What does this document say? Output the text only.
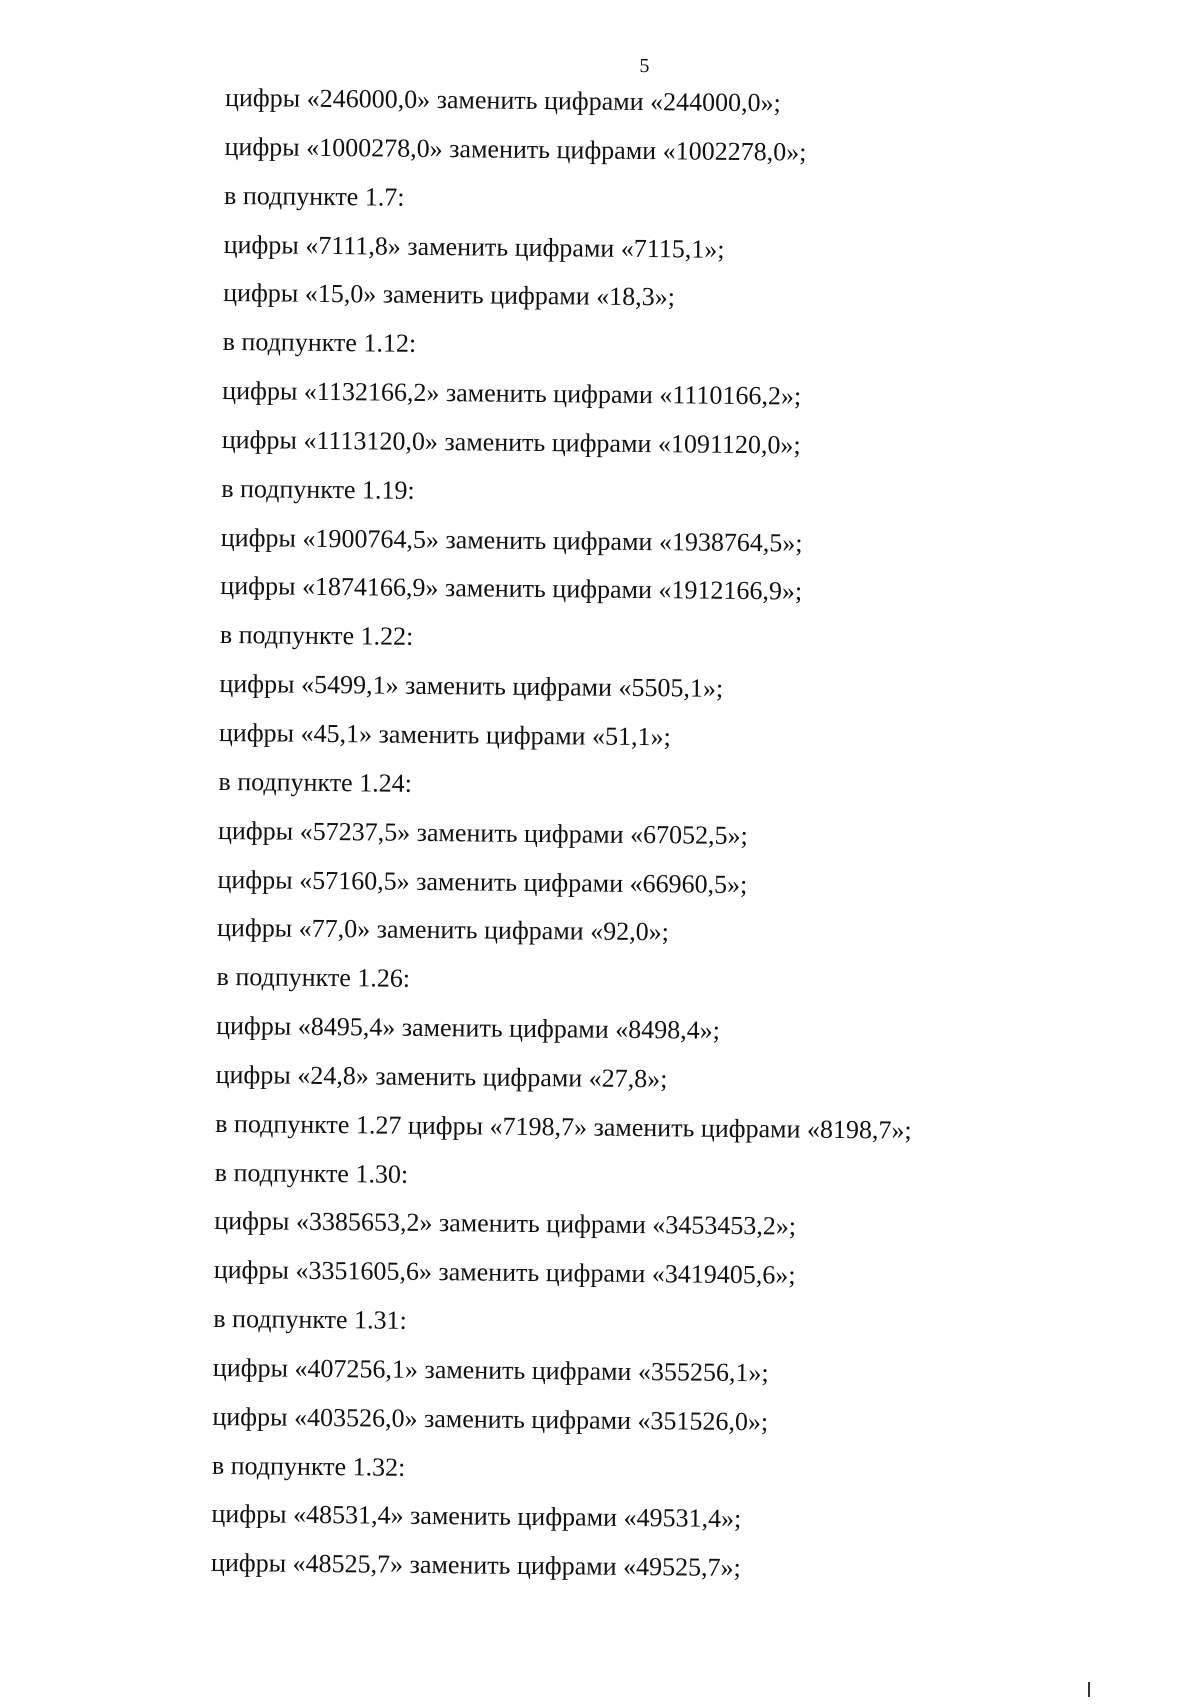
5
цифры «246000,0» заменить цифрами «244000,0»;
цифры «1000278,0» заменить цифрами «1002278,0»;
в подпункте 1.7:
цифры «7111,8» заменить цифрами «7115,1»;
цифры «15,0» заменить цифрами «18,3»;
в подпункте 1.12:
цифры «1132166,2» заменить цифрами «1110166,2»;
цифры «1113120,0» заменить цифрами «1091120,0»;
в подпункте 1.19:
цифры «1900764,5» заменить цифрами «1938764,5»;
цифры «1874166,9» заменить цифрами «1912166,9»;
в подпункте 1.22:
цифры «5499,1» заменить цифрами «5505,1»;
цифры «45,1» заменить цифрами «51,1»;
в подпункте 1.24:
цифры «57237,5» заменить цифрами «67052,5»;
цифры «57160,5» заменить цифрами «66960,5»;
цифры «77,0» заменить цифрами «92,0»;
в подпункте 1.26:
цифры «8495,4» заменить цифрами «8498,4»;
цифры «24,8» заменить цифрами «27,8»;
в подпункте 1.27 цифры «7198,7» заменить цифрами «8198,7»;
в подпункте 1.30:
цифры «3385653,2» заменить цифрами «3453453,2»;
цифры «3351605,6» заменить цифрами «3419405,6»;
в подпункте 1.31:
цифры «407256,1» заменить цифрами «355256,1»;
цифры «403526,0» заменить цифрами «351526,0»;
в подпункте 1.32:
цифры «48531,4» заменить цифрами «49531,4»;
цифры «48525,7» заменить цифрами «49525,7»;
